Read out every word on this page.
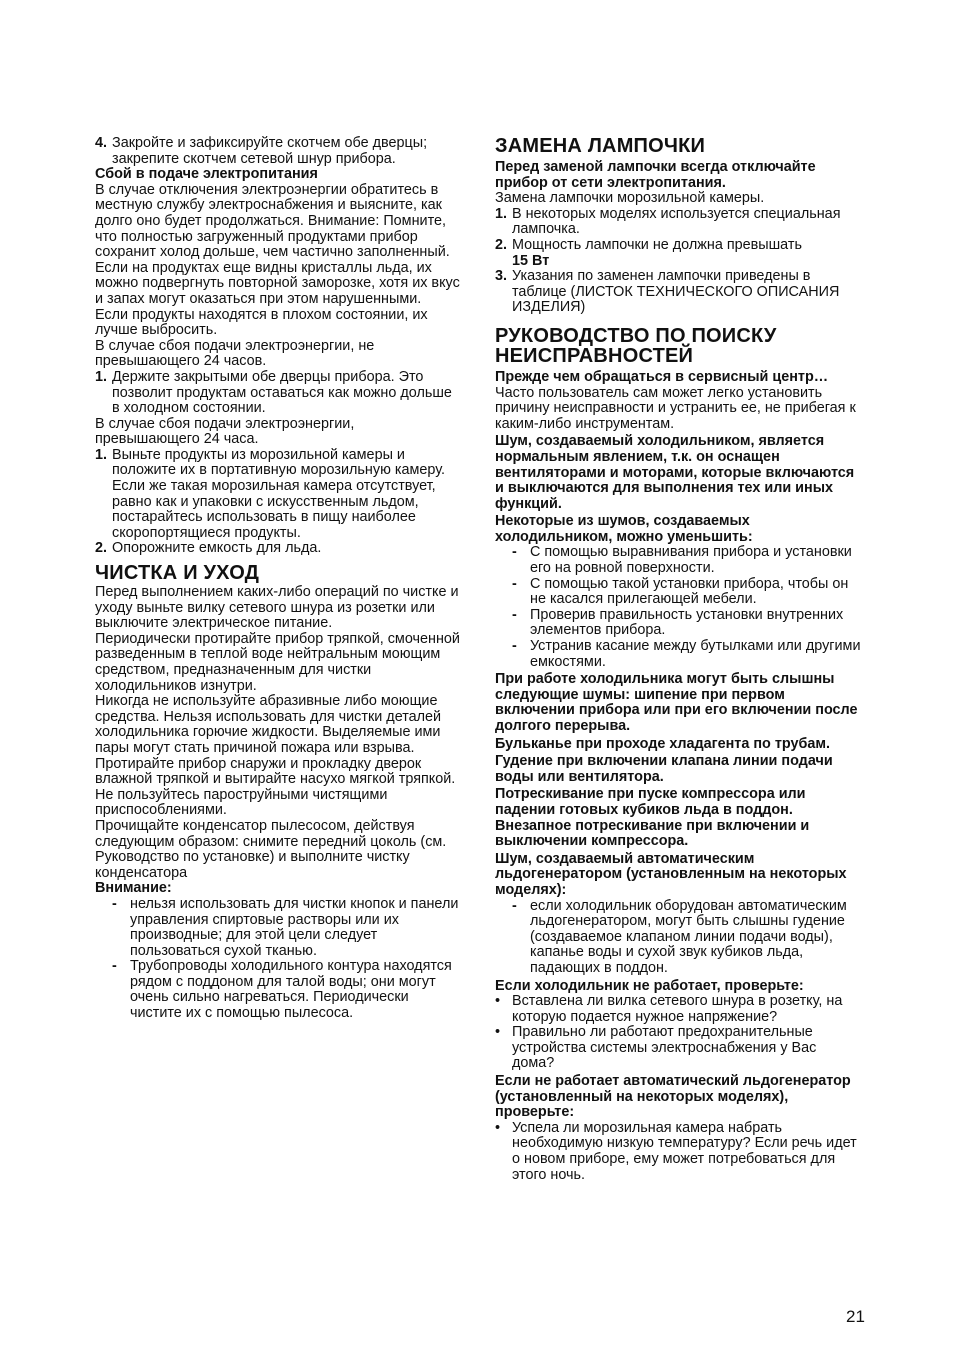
4. Закройте и зафиксируйте скотчем обе дверцы; закрепите скотчем сетевой шнур прибора.

Сбой в подаче электропитания

В случае отключения электроэнергии обратитесь в местную службу электроснабжения и выясните, как долго оно будет продолжаться. Внимание: Помните, что полностью загруженный продуктами прибор сохранит холод дольше, чем частично заполненный.

Если на продуктах еще видны кристаллы льда, их можно подвергнуть повторной заморозке, хотя их вкус и запах могут оказаться при этом нарушенными.

Если продукты находятся в плохом состоянии, их лучше выбросить.

В случае сбоя подачи электроэнергии, не превышающего 24 часов.

1. Держите закрытыми обе дверцы прибора. Это позволит продуктам оставаться как можно дольше в холодном состоянии.

В случае сбоя подачи электроэнергии, превышающего 24 часа.

1. Выньте продукты из морозильной камеры и положите их в портативную морозильную камеру. Если же такая морозильная камера отсутствует, равно как и упаковки с искусственным льдом, постарайтесь использовать в пищу наиболее скоропортящиеся продукты.
2. Опорожните емкость для льда.
ЧИСТКА И УХОД

Перед выполнением каких-либо операций по чистке и уходу выньте вилку сетевого шнура из розетки или выключите электрическое питание.

Периодически протирайте прибор тряпкой, смоченной разведенным в теплой воде нейтральным моющим средством, предназначенным для чистки холодильников изнутри.

Никогда не используйте абразивные либо моющие средства. Нельзя использовать для чистки деталей холодильника горючие жидкости. Выделяемые ими пары могут стать причиной пожара или взрыва.

Протирайте прибор снаружи и прокладку дверок влажной тряпкой и вытирайте насухо мягкой тряпкой.

Не пользуйтесь пароструйными чистящими приспособлениями.

Прочищайте конденсатор пылесосом, действуя следующим образом: снимите передний цоколь (см. Руководство по установке) и выполните чистку конденсатора

Внимание:

- нельзя использовать для чистки кнопок и панели управления спиртовые растворы или их производные; для этой цели следует пользоваться сухой тканью.
- Трубопроводы холодильного контура находятся рядом с поддоном для талой воды; они могут очень сильно нагреваться. Периодически чистите их с помощью пылесоса.
ЗАМЕНА ЛАМПОЧКИ

Перед заменой лампочки всегда отключайте прибор от сети электропитания.

Замена лампочки морозильной камеры.

1. В некоторых моделях используется специальная лампочка.
2. Мощность лампочки не должна превышать
15 Вт
3. Указания по заменен лампочки приведены в таблице (ЛИСТОК ТЕХНИЧЕСКОГО ОПИСАНИЯ ИЗДЕЛИЯ)
РУКОВОДСТВО ПО ПОИСКУ НЕИСПРАВНОСТЕЙ

Прежде чем обращаться в сервисный центр…

Часто пользователь сам может легко установить причину неисправности и устранить ее, не прибегая к каким-либо инструментам.

Шум, создаваемый холодильником, является нормальным явлением, т.к. он оснащен вентиляторами и моторами, которые включаются и выключаются для выполнения тех или иных функций.

Некоторые из шумов, создаваемых холодильником, можно уменьшить:

- С помощью выравнивания прибора и установки его на ровной поверхности.
- С помощью такой установки прибора, чтобы он не касался прилегающей мебели.
- Проверив правильность установки внутренних элементов прибора.
- Устранив касание между бутылками или другими емкостями.

При работе холодильника могут быть слышны следующие шумы: шипение при первом включении прибора или при его включении после долгого перерыва.

Бульканье при проходе хладагента по трубам.

Гудение при включении клапана линии подачи воды или вентилятора.

Потрескивание при пуске компрессора или падении готовых кубиков льда в поддон. Внезапное потрескивание при включении и выключении компрессора.

Шум, создаваемый автоматическим льдогенератором (установленным на некоторых моделях):

- если холодильник оборудован автоматическим льдогенератором, могут быть слышны гудение (создаваемое клапаном линии подачи воды), капанье воды и сухой звук кубиков льда, падающих в поддон.

Если холодильник не работает, проверьте:

• Вставлена ли вилка сетевого шнура в розетку, на которую подается нужное напряжение?
• Правильно ли работают предохранительные устройства системы электроснабжения у Вас дома?

Если не работает автоматический льдогенератор (установленный на некоторых моделях), проверьте:

• Успела ли морозильная камера набрать необходимую низкую температуру? Если речь идет о новом приборе, ему может потребоваться для этого ночь.
21
